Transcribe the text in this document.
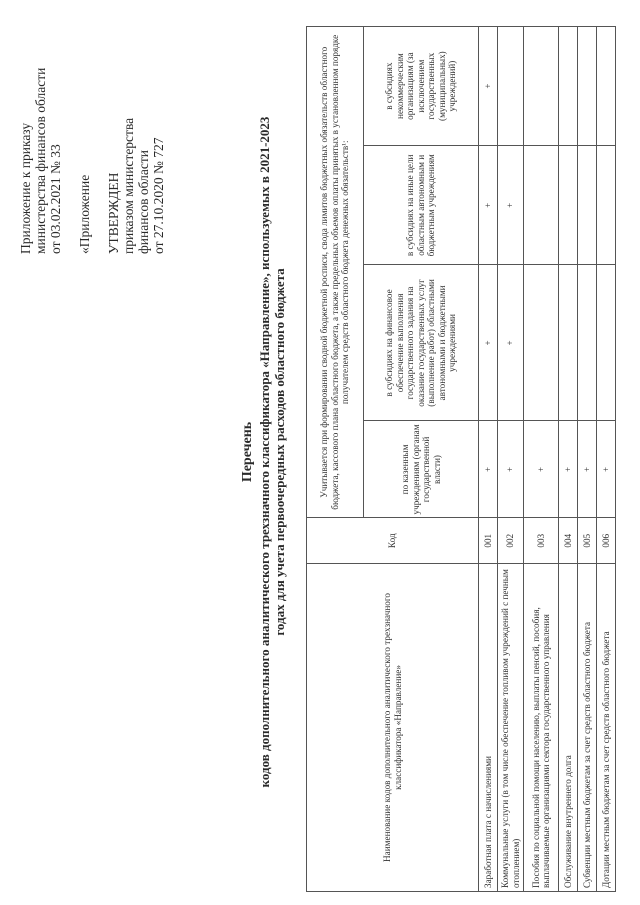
Приложение к приказу министерства финансов области от 03.02.2021 № 33 «Приложение УТВЕРЖДЕН приказом министерства финансов области от 27.10.2020 № 727
Перечень кодов дополнительного аналитического трехзначного классификатора «Направление», используемых в 2021-2023 годах для учета первоочередных расходов областного бюджета
Наименование кодов дополнительного аналитического трехзначного классификатора «Направление»	Код	Учитывается при формировании сводной бюджетной росписи, свода лимитов бюджетных обязательств областного бюджета, кассового плана областного бюджета, а также предельных объемов оплаты принятых в установленном порядке получателем средств областного бюджета денежных обязательств¹:			
		по казенным учреждениям (органам государственной власти)	в субсидиях на финансовое обеспечение выполнения государственного задания на оказание государственных услуг (выполнение работ) областными автономными и бюджетными учреждениями	в субсидиях на иные цели областным автономным и бюджетным учреждениям	в субсидиях некоммерческим организациям (за исключением государственных (муниципальных) учреждений)
Заработная плата с начислениями	001	+	+	+	+
Коммунальные услуги (в том числе обеспечение топливом учреждений с печным отоплением)	002	+	+	+	
Пособия по социальной помощи населению, выплаты пенсий, пособия, выплачиваемые организациями сектора государственного управления	003	+			
Обслуживание внутреннего долга	004	+			
Субвенции местным бюджетам за счет средств областного бюджета	005	+			
Дотации местным бюджетам за счет средств областного бюджета	006	+			
